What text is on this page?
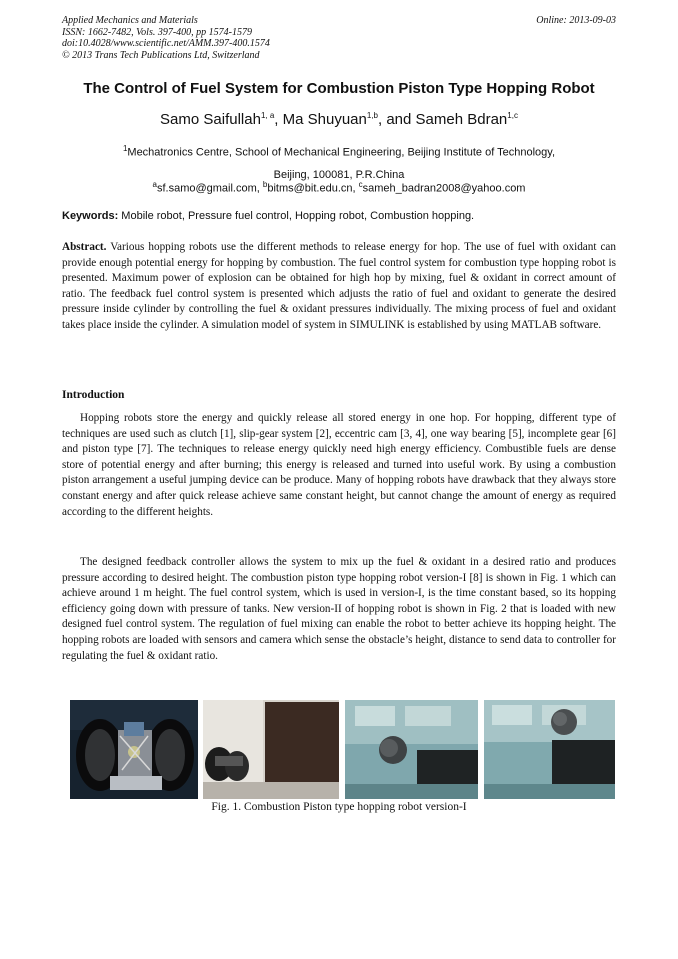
Applied Mechanics and Materials
ISSN: 1662-7482, Vols. 397-400, pp 1574-1579
doi:10.4028/www.scientific.net/AMM.397-400.1574
© 2013 Trans Tech Publications Ltd, Switzerland
Online: 2013-09-03
The Control of Fuel System for Combustion Piston Type Hopping Robot
Samo Saifullah$^{1, a}$, Ma Shuyuan$^{1,b}$, and Sameh Bdran$^{1,c}$
$^1$Mechatronics Centre, School of Mechanical Engineering, Beijing Institute of Technology,
Beijing, 100081, P.R.China
$^a$sf.samo@gmail.com, $^b$bitms@bit.edu.cn, $^c$sameh_badran2008@yahoo.com
Keywords: Mobile robot, Pressure fuel control, Hopping robot, Combustion hopping.
Abstract. Various hopping robots use the different methods to release energy for hop. The use of fuel with oxidant can provide enough potential energy for hopping by combustion. The fuel control system for combustion type hopping robot is presented. Maximum power of explosion can be obtained for high hop by mixing, fuel & oxidant in correct amount of ratio. The feedback fuel control system is presented which adjusts the ratio of fuel and oxidant to generate the desired pressure inside cylinder by controlling the fuel & oxidant pressures individually. The mixing process of fuel and oxidant takes place inside the cylinder. A simulation model of system in SIMULINK is established by using MATLAB software.
Introduction
Hopping robots store the energy and quickly release all stored energy in one hop. For hopping, different type of techniques are used such as clutch [1], slip-gear system [2], eccentric cam [3, 4], one way bearing [5], incomplete gear [6] and piston type [7]. The techniques to release energy quickly need high energy efficiency. Combustible fuels are dense store of potential energy and after burning; this energy is released and turned into useful work. By using a combustion piston arrangement a useful jumping device can be produce. Many of hopping robots have drawback that they always store constant energy and after quick release achieve same constant height, but cannot change the amount of energy as required according to the different heights.
The designed feedback controller allows the system to mix up the fuel & oxidant in a desired ratio and produces pressure according to desired height. The combustion piston type hopping robot version-I [8] is shown in Fig. 1 which can achieve around 1 m height. The fuel control system, which is used in version-I, is the time constant based, so its hopping efficiency going down with pressure of tanks. New version-II of hopping robot is shown in Fig. 2 that is loaded with new designed fuel control system. The regulation of fuel mixing can enable the robot to better achieve its hopping height. The hopping robots are loaded with sensors and camera which sense the obstacle’s height, distance to send data to controller for regulating the fuel & oxidant ratio.
Fig. 1. Combustion Piston type hopping robot version-I
